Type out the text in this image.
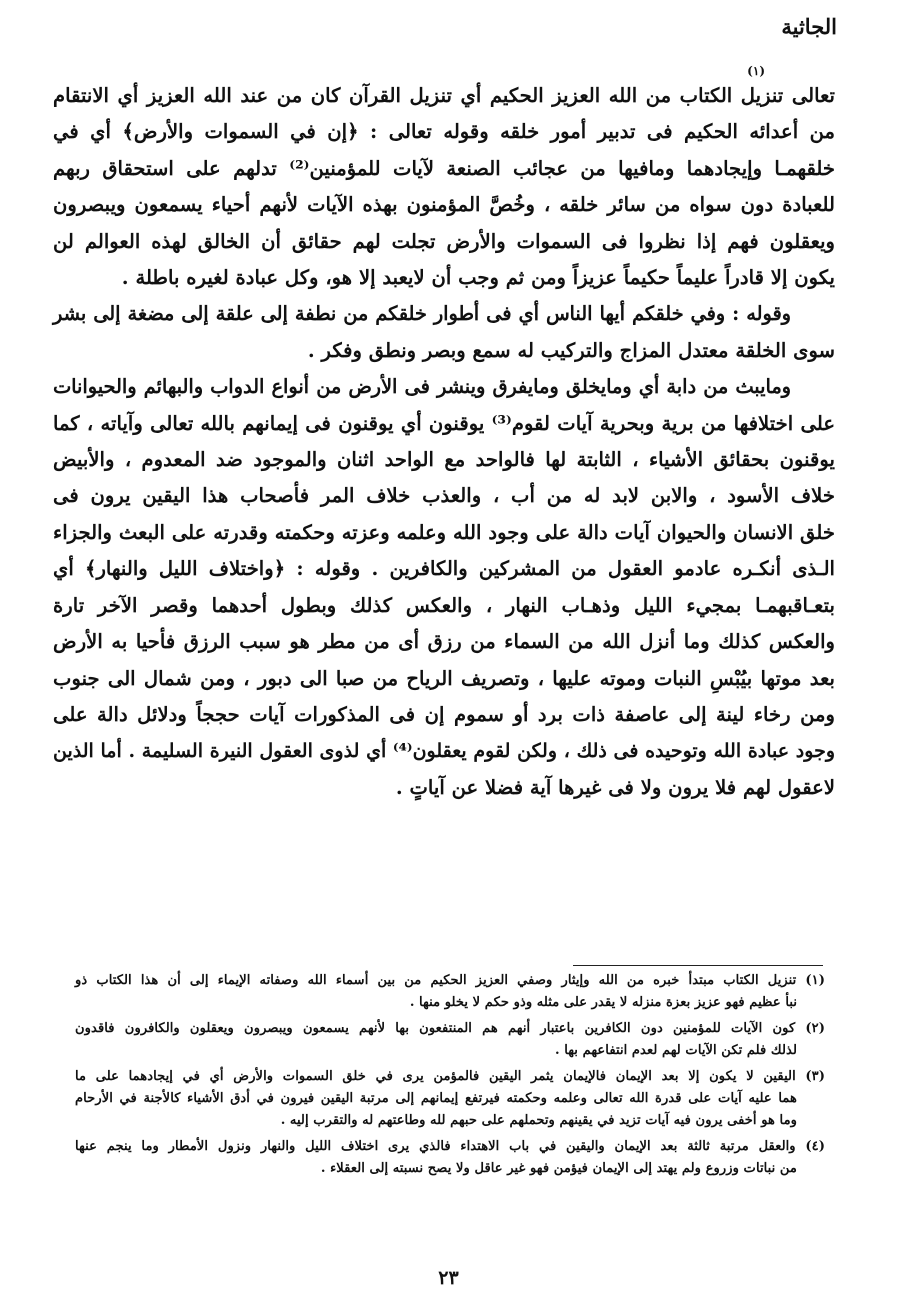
الجاثية
(١)
تعالى تنزيل الكتاب من الله العزيز الحكيم أي تنزيل القرآن كان من عند الله العزيز أي الانتقام
من أعدائه الحكيم فى تدبير أمور خلقه وقوله تعالى : ﴿إن في السموات والأرض﴾ أي في
خلقهمـا وإيجادهما ومافيها من عجائب الصنعة لآيات للمؤمنين⁽²⁾ تدلهم على استحقاق ربهم
للعبادة دون سواه من سائر خلقه ، وخُصَّ المؤمنون بهذه الآيات لأنهم أحياء يسمعون ويبصرون
ويعقلون فهم إذا نظروا فى السموات والأرض تجلت لهم حقائق أن الخالق لهذه العوالم لن
يكون إلا قادراً عليماً حكيماً عزيزاً ومن ثم وجب أن لايعبد إلا هو، وكل عبادة لغيره باطلة .
وقوله : وفي خلقكم أيها الناس أي فى أطوار خلقكم من نطفة إلى علقة إلى مضغة إلى بشر
سوى الخلقة معتدل المزاج والتركيب له سمع وبصر ونطق وفكر .
ومايبث من دابة أي ومايخلق ومايفرق وينشر فى الأرض من أنواع الدواب والبهائم والحيوانات
على اختلافها من برية وبحرية آيات لقوم⁽³⁾ يوقنون أي يوقنون فى إيمانهم بالله تعالى وآياته ، كما
يوقنون بحقائق الأشياء ، الثابتة لها فالواحد مع الواحد اثنان والموجود ضد المعدوم ، والأبيض
خلاف الأسود ، والابن لابد له من أب ، والعذب خلاف المر فأصحاب هذا اليقين يرون فى
خلق الانسان والحيوان آيات دالة على وجود الله وعلمه وعزته وحكمته وقدرته على البعث والجزاء
الـذى أنكـره عادمو العقول من المشركين والكافرين . وقوله : ﴿واختلاف الليل والنهار﴾ أي
بتعـاقبهمـا بمجيء الليل وذهـاب النهار ، والعكس كذلك وبطول أحدهما وقصر الآخر تارة
والعكس كذلك وما أنزل الله من السماء من رزق أى من مطر هو سبب الرزق فأحيا به الأرض
بعد موتها بيُبْسِ النبات وموته عليها ، وتصريف الرياح من صبا الى دبور ، ومن شمال الى جنوب
ومن رخاء لينة إلى عاصفة ذات برد أو سموم إن فى المذكورات آيات حججاً ودلائل دالة على
وجود عبادة الله وتوحيده فى ذلك ، ولكن لقوم يعقلون⁽⁴⁾ أي لذوى العقول النيرة السليمة . أما الذين
لاعقول لهم فلا يرون ولا فى غيرها آية فضلا عن آياتٍ .
(١) تنزيل الكتاب مبتدأ خبره من الله وإيثار وصفي العزيز الحكيم من بين أسماء الله وصفاته الإيماء إلى أن هذا الكتاب ذو
نبأ عظيم فهو عزيز بعزة منزله لا يقدر على مثله وذو حكم لا يخلو منها .
(٢) كون الآيات للمؤمنين دون الكافرين باعتبار أنهم هم المنتفعون بها لأنهم يسمعون ويبصرون ويعقلون والكافرون فاقدون
لذلك فلم تكن الآيات لهم لعدم انتفاعهم بها .
(٣) اليقين لا يكون إلا بعد الإيمان فالإيمان يثمر اليقين فالمؤمن يرى في خلق السموات والأرض أي في إيجادهما على ما
هما عليه آيات على قدرة الله تعالى وعلمه وحكمته فيرتفع إيمانهم إلى مرتبة اليقين فيرون في أدق الأشياء كالأجنة في الأرحام
وما هو أخفى يرون فيه آيات تزيد في يقينهم وتحملهم على حبهم لله وطاعتهم له والتقرب إليه .
(٤) والعقل مرتبة ثالثة بعد الإيمان واليقين في باب الاهتداء فالذي يرى اختلاف الليل والنهار ونزول الأمطار وما ينجم عنها
من نباتات وزروع ولم يهتد إلى الإيمان فيؤمن فهو غير عاقل ولا يصح نسبته إلى العقلاء .
٢٣
